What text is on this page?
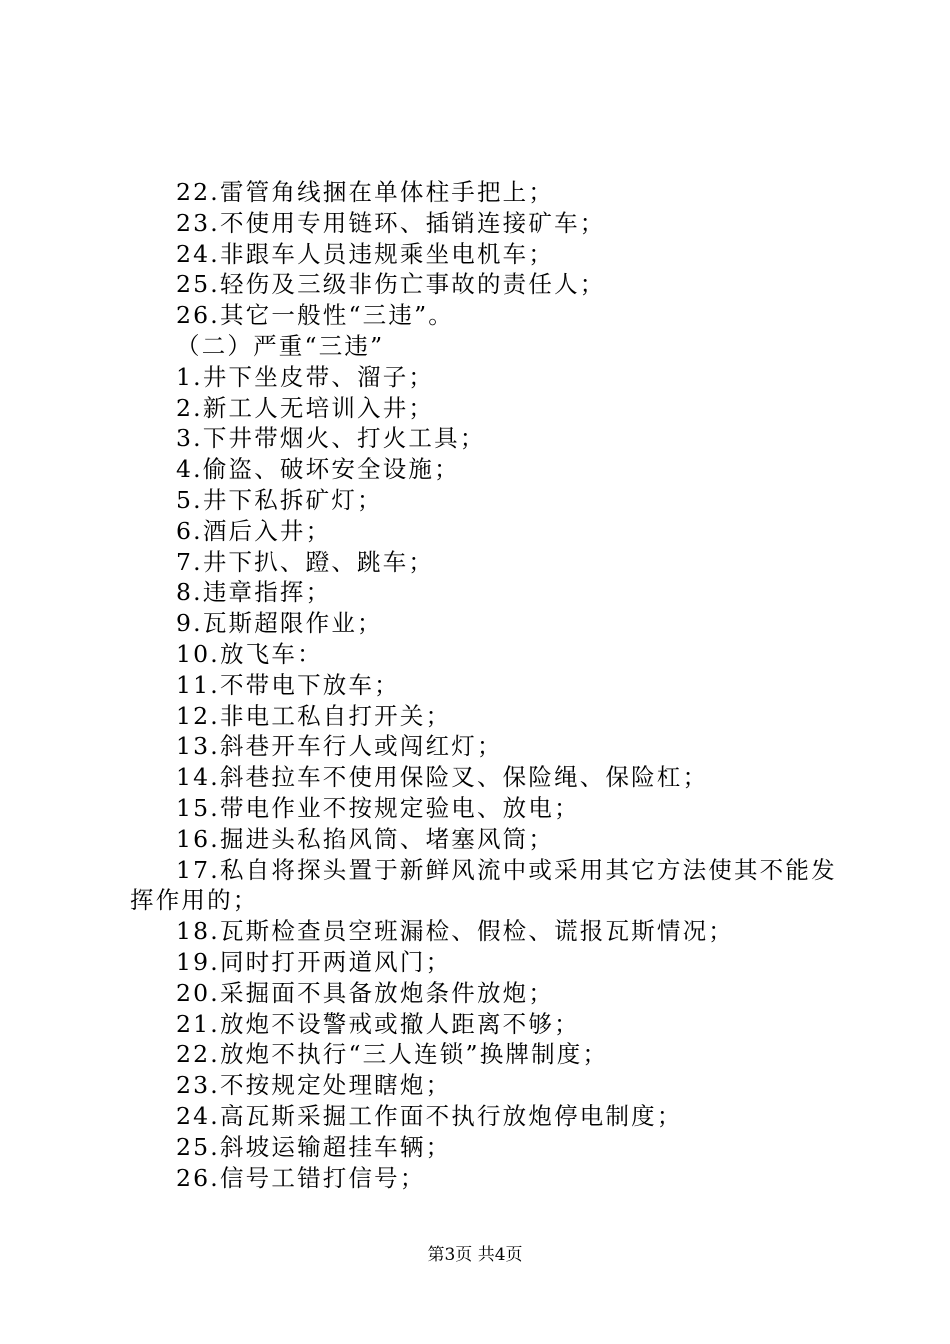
22.雷管角线捆在单体柱手把上；
23.不使用专用链环、插销连接矿车；
24.非跟车人员违规乘坐电机车；
25.轻伤及三级非伤亡事故的责任人；
26.其它一般性“三违”。
（二）严重“三违”
1.井下坐皮带、溜子；
2.新工人无培训入井；
3.下井带烟火、打火工具；
4.偷盗、破坏安全设施；
5.井下私拆矿灯；
6.酒后入井；
7.井下扒、蹬、跳车；
8.违章指挥；
9.瓦斯超限作业；
10.放飞车：
11.不带电下放车；
12.非电工私自打开关；
13.斜巷开车行人或闯红灯；
14.斜巷拉车不使用保险叉、保险绳、保险杠；
15.带电作业不按规定验电、放电；
16.掘进头私掐风筒、堵塞风筒；
17.私自将探头置于新鲜风流中或采用其它方法使其不能发
挥作用的；
18.瓦斯检查员空班漏检、假检、谎报瓦斯情况；
19.同时打开两道风门；
20.采掘面不具备放炮条件放炮；
21.放炮不设警戒或撤人距离不够；
22.放炮不执行“三人连锁”换牌制度；
23.不按规定处理瞎炮；
24.高瓦斯采掘工作面不执行放炮停电制度；
25.斜坡运输超挂车辆；
26.信号工错打信号；
第3页 共4页
